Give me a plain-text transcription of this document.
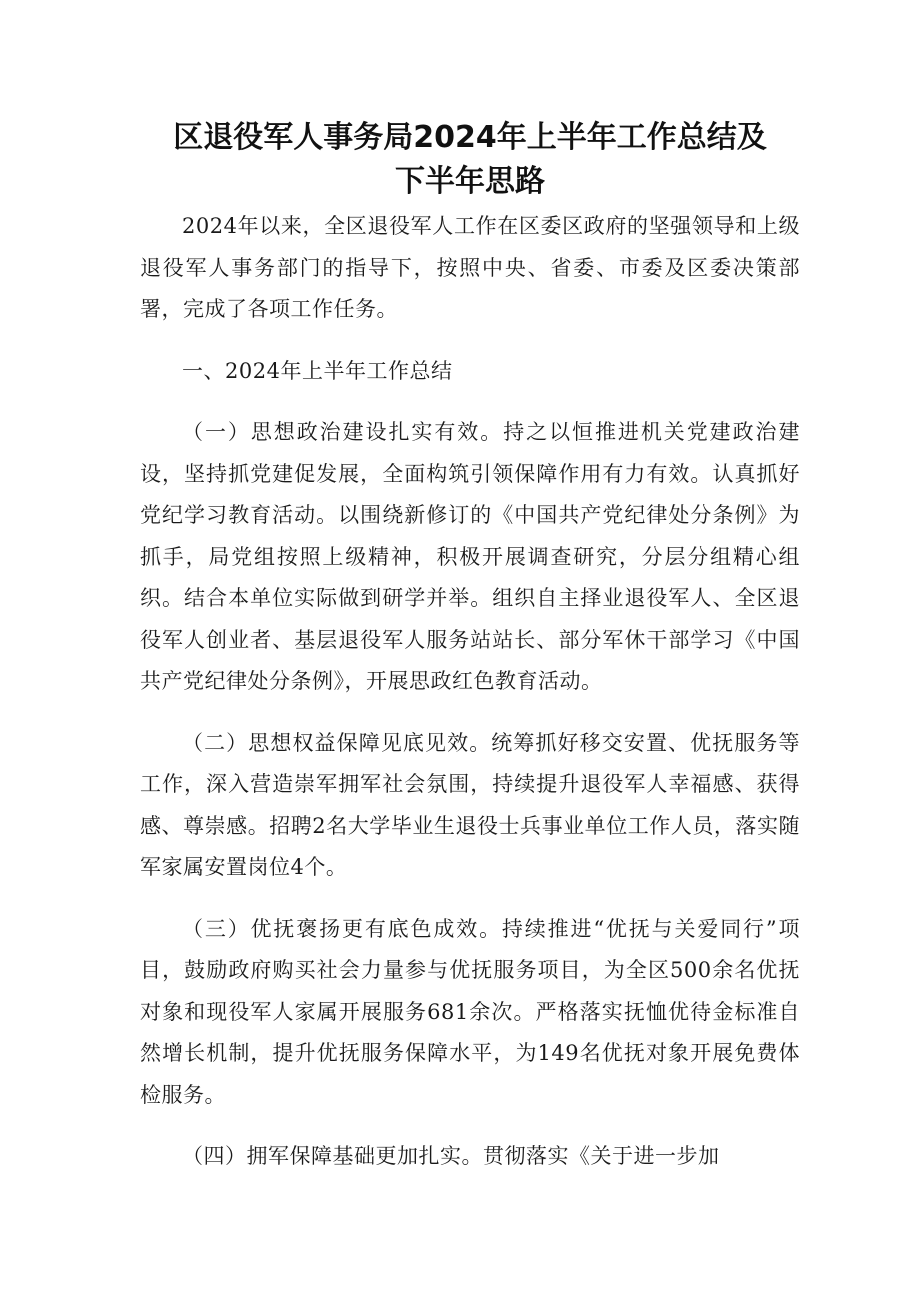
区退役军人事务局2024年上半年工作总结及
下半年思路

2024年以来，全区退役军人工作在区委区政府的坚强领导和上级退役军人事务部门的指导下，按照中央、省委、市委及区委决策部署，完成了各项工作任务。

一、2024年上半年工作总结

（一）思想政治建设扎实有效。持之以恒推进机关党建政治建设，坚持抓党建促发展，全面构筑引领保障作用有力有效。认真抓好党纪学习教育活动。以围绕新修订的《中国共产党纪律处分条例》为抓手，局党组按照上级精神，积极开展调查研究，分层分组精心组织。结合本单位实际做到研学并举。组织自主择业退役军人、全区退役军人创业者、基层退役军人服务站站长、部分军休干部学习《中国共产党纪律处分条例》，开展思政红色教育活动。

（二）思想权益保障见底见效。统筹抓好移交安置、优抚服务等工作，深入营造崇军拥军社会氛围，持续提升退役军人幸福感、获得感、尊崇感。招聘2名大学毕业生退役士兵事业单位工作人员，落实随军家属安置岗位4个。

（三）优抚褒扬更有底色成效。持续推进“优抚与关爱同行”项目，鼓励政府购买社会力量参与优抚服务项目，为全区500余名优抚对象和现役军人家属开展服务681余次。严格落实抚恤优待金标准自然增长机制，提升优抚服务保障水平，为149名优抚对象开展免费体检服务。

（四）拥军保障基础更加扎实。贯彻落实《关于进一步加
